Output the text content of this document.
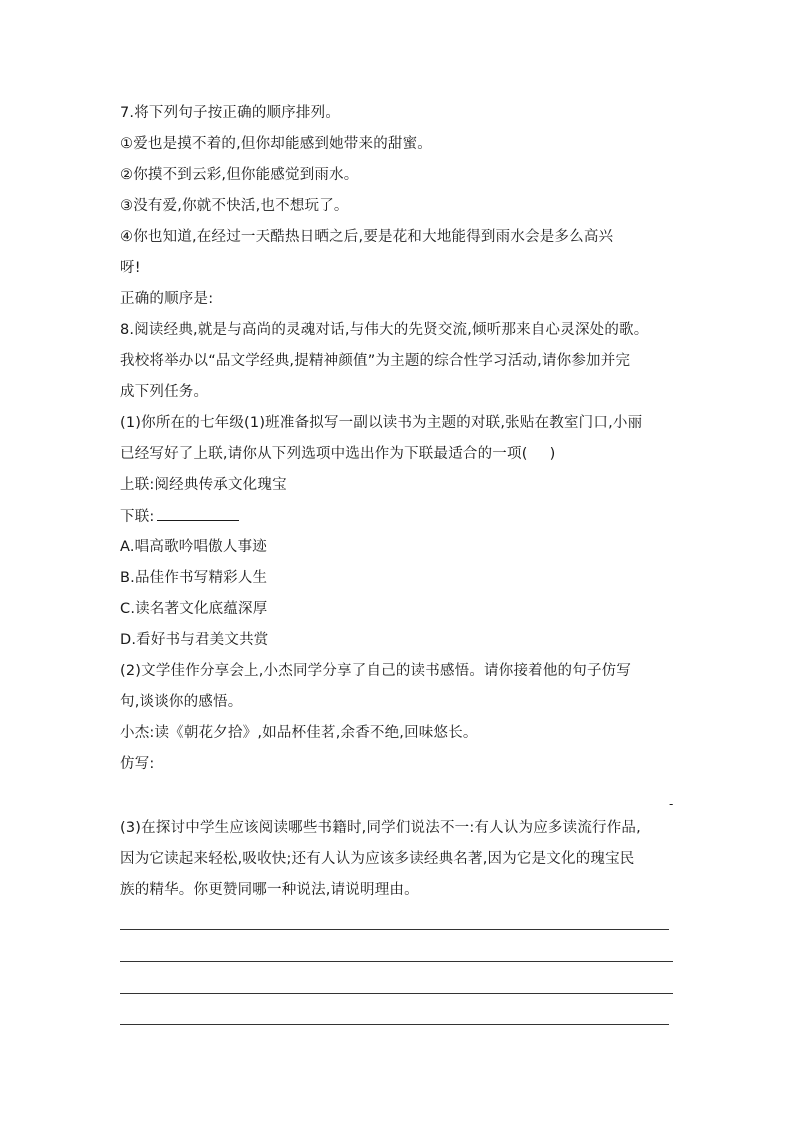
7.将下列句子按正确的顺序排列。
①爱也是摸不着的,但你却能感到她带来的甜蜜。
②你摸不到云彩,但你能感觉到雨水。
③没有爱,你就不快活,也不想玩了。
④你也知道,在经过一天酷热日晒之后,要是花和大地能得到雨水会是多么高兴
呀!
正确的顺序是:
8.阅读经典,就是与高尚的灵魂对话,与伟大的先贤交流,倾听那来自心灵深处的歌。
我校将举办以“品文学经典,提精神颜值”为主题的综合性学习活动,请你参加并完
成下列任务。
(1)你所在的七年级(1)班准备拟写一副以读书为主题的对联,张贴在教室门口,小丽
已经写好了上联,请你从下列选项中选出作为下联最适合的一项( )
上联:阅经典传承文化瑰宝
下联:
A.唱高歌吟唱傲人事迹
B.品佳作书写精彩人生
C.读名著文化底蕴深厚
D.看好书与君美文共赏
(2)文学佳作分享会上,小杰同学分享了自己的读书感悟。请你接着他的句子仿写
句,谈谈你的感悟。
小杰:读《朝花夕拾》,如品杯佳茗,余香不绝,回味悠长。
仿写:
-
(3)在探讨中学生应该阅读哪些书籍时,同学们说法不一:有人认为应多读流行作品,
因为它读起来轻松,吸收快;还有人认为应该多读经典名著,因为它是文化的瑰宝民
族的精华。你更赞同哪一种说法,请说明理由。
